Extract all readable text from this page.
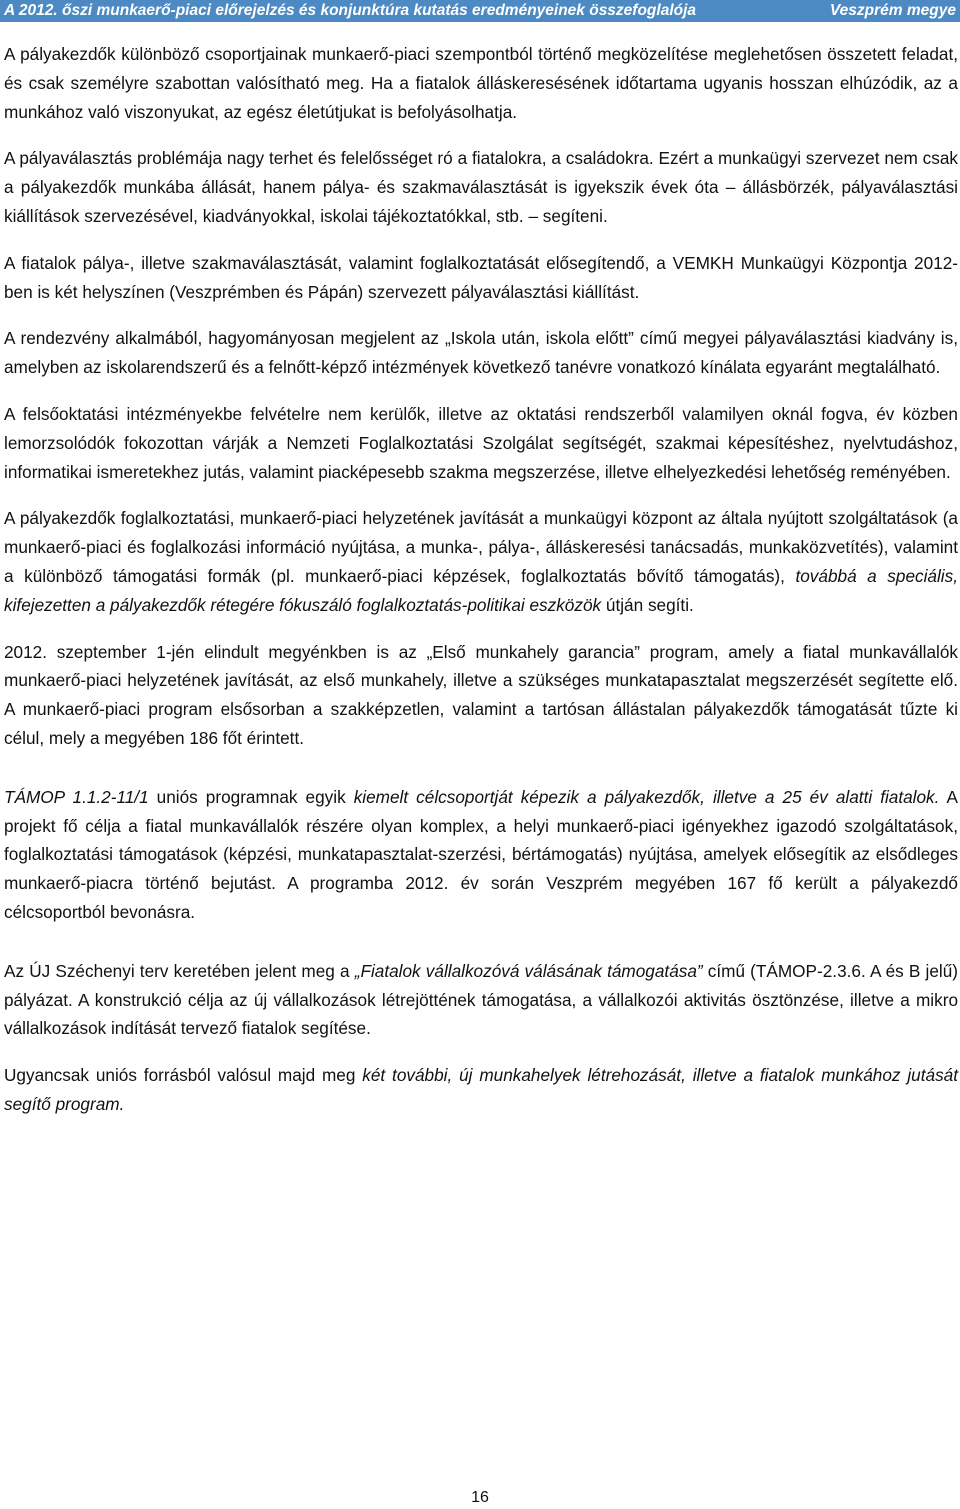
A 2012. őszi munkaerő-piaci előrejelzés és konjunktúra kutatás eredményeinek összefoglalója	Veszprém megye

A pályakezdők különböző csoportjainak munkaerő-piaci szempontból történő megközelítése meglehetősen összetett feladat, és csak személyre szabottan valósítható meg. Ha a fiatalok álláskeresésének időtartama ugyanis hosszan elhúzódik, az a munkához való viszonyukat, az egész életútjukat is befolyásolhatja.

A pályaválasztás problémája nagy terhet és felelősséget ró a fiatalokra, a családokra. Ezért a munkaügyi szervezet nem csak a pályakezdők munkába állását, hanem pálya- és szakmaválasztását is igyekszik évek óta – állásbörzék, pályaválasztási kiállítások szervezésével, kiadványokkal, iskolai tájékoztatókkal, stb. – segíteni.

A fiatalok pálya-, illetve szakmaválasztását, valamint foglalkoztatását elősegítendő, a VEMKH Munkaügyi Központja 2012-ben is két helyszínen (Veszprémben és Pápán) szervezett pályaválasztási kiállítást.

A rendezvény alkalmából, hagyományosan megjelent az „Iskola után, iskola előtt” című megyei pályaválasztási kiadvány is, amelyben az iskolarendszerű és a felnőtt-képző intézmények következő tanévre vonatkozó kínálata egyaránt megtalálható.

A felsőoktatási intézményekbe felvételre nem kerülők, illetve az oktatási rendszerből valamilyen oknál fogva, év közben lemorzsolódók fokozottan várják a Nemzeti Foglalkoztatási Szolgálat segítségét, szakmai képesítéshez, nyelvtudáshoz, informatikai ismeretekhez jutás, valamint piacképesebb szakma megszerzése, illetve elhelyezkedési lehetőség reményében.

A pályakezdők foglalkoztatási, munkaerő-piaci helyzetének javítását a munkaügyi központ az általa nyújtott szolgáltatások (a munkaerő-piaci és foglalkozási információ nyújtása, a munka-, pálya-, álláskeresési tanácsadás, munkaközvetítés), valamint a különböző támogatási formák (pl. munkaerő-piaci képzések, foglalkoztatás bővítő támogatás), továbbá a speciális, kifejezetten a pályakezdők rétegére fókuszáló foglalkoztatás-politikai eszközök útján segíti.

2012. szeptember 1-jén elindult megyénkben is az „Első munkahely garancia” program, amely a fiatal munkavállalók munkaerő-piaci helyzetének javítását, az első munkahely, illetve a szükséges munkatapasztalat megszerzését segítette elő. A munkaerő-piaci program elsősorban a szakképzetlen, valamint a tartósan állástalan pályakezdők támogatását tűzte ki célul, mely a megyében 186 főt érintett.

TÁMOP 1.1.2-11/1 uniós programnak egyik kiemelt célcsoportját képezik a pályakezdők, illetve a 25 év alatti fiatalok. A projekt fő célja a fiatal munkavállalók részére olyan komplex, a helyi munkaerő-piaci igényekhez igazodó szolgáltatások, foglalkoztatási támogatások (képzési, munkatapasztalat-szerzési, bértámogatás) nyújtása, amelyek elősegítik az elsődleges munkaerő-piacra történő bejutást. A programba 2012. év során Veszprém megyében 167 fő került a pályakezdő célcsoportból bevonásra.

Az ÚJ Széchenyi terv keretében jelent meg a „Fiatalok vállalkozóvá válásának támogatása” című (TÁMOP-2.3.6. A és B jelű) pályázat. A konstrukció célja az új vállalkozások létrejöttének támogatása, a vállalkozói aktivitás ösztönzése, illetve a mikro vállalkozások indítását tervező fiatalok segítése.

Ugyancsak uniós forrásból valósul majd meg két további, új munkahelyek létrehozását, illetve a fiatalok munkához jutását segítő program.

16
